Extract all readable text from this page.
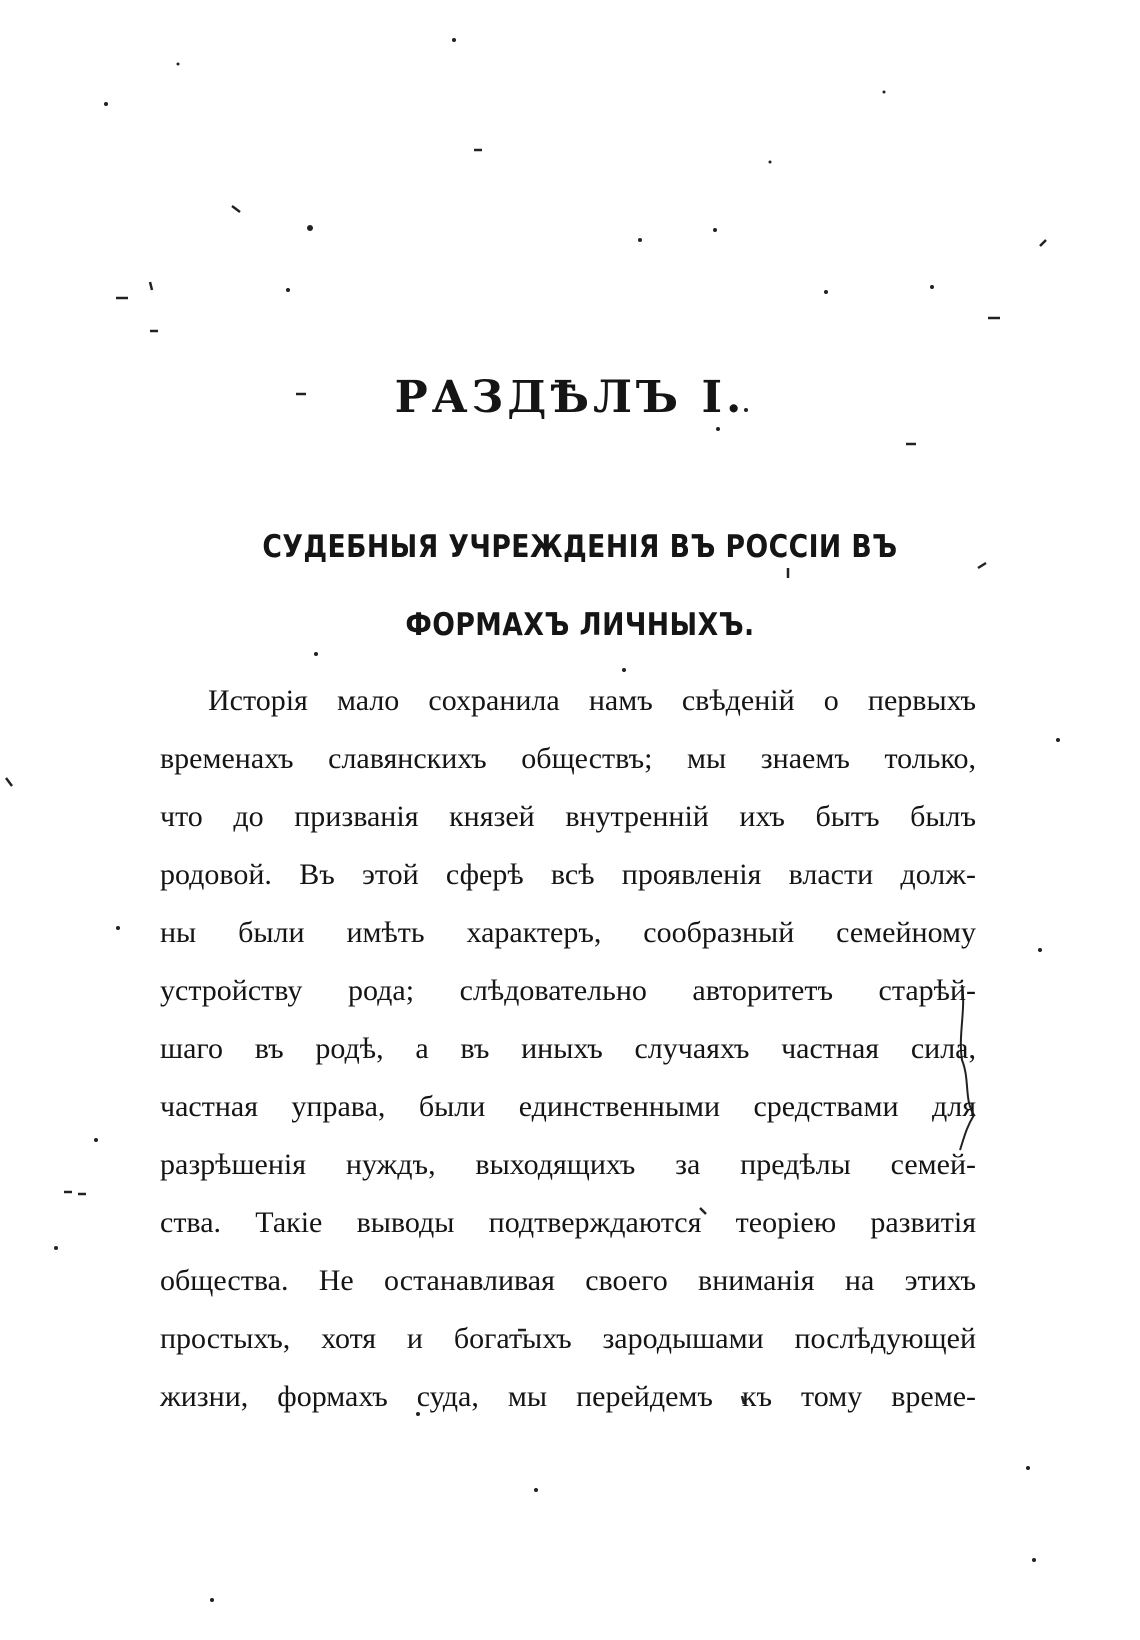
РАЗДѢЛЪ I.
СУДЕБНЫЯ УЧРЕЖДЕНІЯ ВЪ РОССІИ ВЪ ФОРМАХЪ ЛИЧНЫХЪ.
Исторія мало сохранила намъ свѣденій о первыхъ
временахъ славянскихъ обществъ; мы знаемъ только,
что до призванія князей внутренній ихъ бытъ былъ
родовой. Въ этой сферѣ всѣ проявленія власти долж-
ны были имѣть характеръ, сообразный семейному
устройству рода; слѣдовательно авторитетъ старѣй-
шаго въ родѣ, а въ иныхъ случаяхъ частная сила,
частная управа, были единственными средствами для
разрѣшенія нуждъ, выходящихъ за предѣлы семей-
ства. Такіе выводы подтверждаются теоріею развитія
общества. Не останавливая своего вниманія на этихъ
простыхъ, хотя и богатыхъ зародышами послѣдующей
жизни, формахъ суда, мы перейдемъ къ тому време-
